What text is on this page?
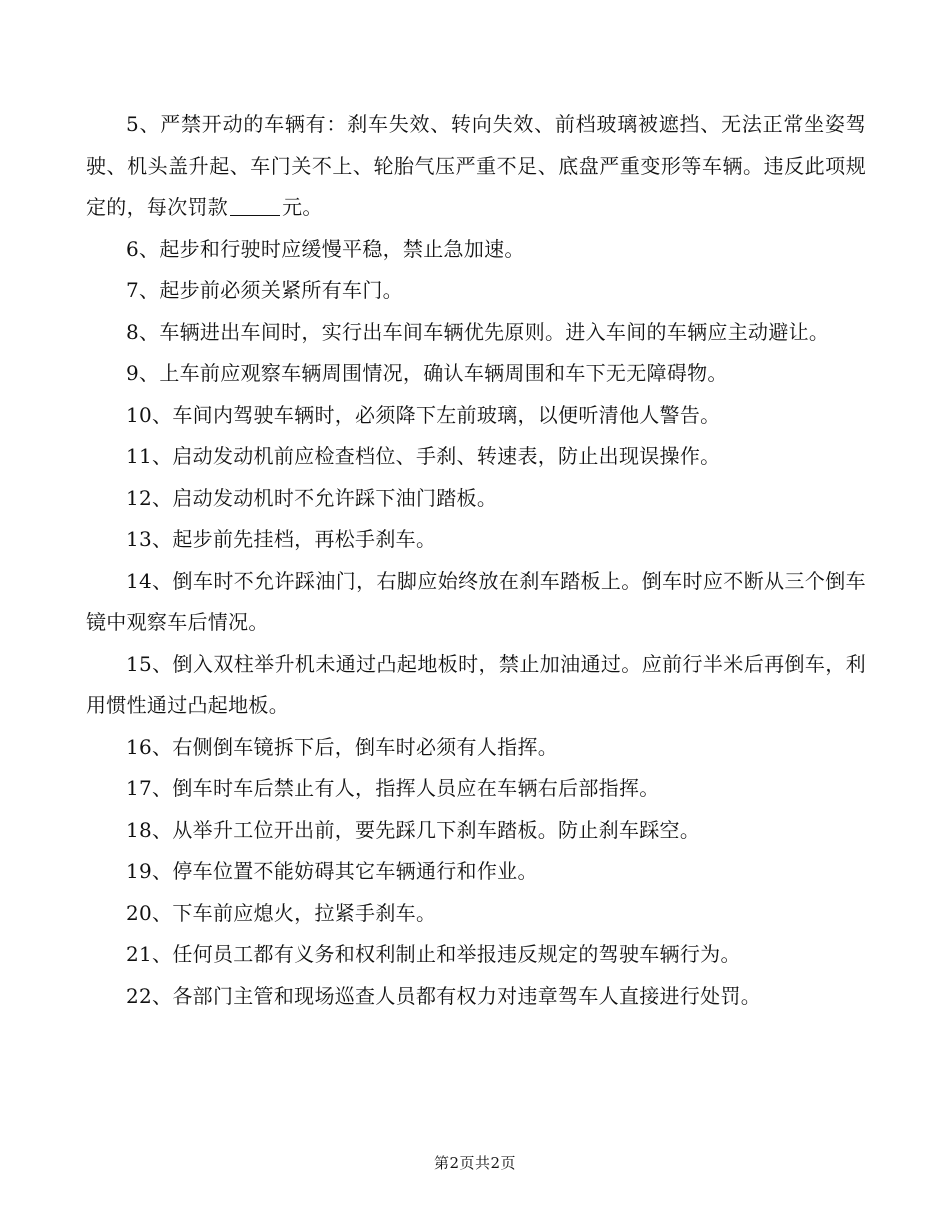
5、严禁开动的车辆有：刹车失效、转向失效、前档玻璃被遮挡、无法正常坐姿驾驶、机头盖升起、车门关不上、轮胎气压严重不足、底盘严重变形等车辆。违反此项规定的，每次罚款	元。

6、起步和行驶时应缓慢平稳，禁止急加速。

7、起步前必须关紧所有车门。

8、车辆进出车间时，实行出车间车辆优先原则。进入车间的车辆应主动避让。

9、上车前应观察车辆周围情况，确认车辆周围和车下无无障碍物。

10、车间内驾驶车辆时，必须降下左前玻璃，以便听清他人警告。

11、启动发动机前应检查档位、手刹、转速表，防止出现误操作。

12、启动发动机时不允许踩下油门踏板。

13、起步前先挂档，再松手刹车。

14、倒车时不允许踩油门，右脚应始终放在刹车踏板上。倒车时应不断从三个倒车镜中观察车后情况。

15、倒入双柱举升机未通过凸起地板时，禁止加油通过。应前行半米后再倒车，利用惯性通过凸起地板。

16、右侧倒车镜拆下后，倒车时必须有人指挥。

17、倒车时车后禁止有人，指挥人员应在车辆右后部指挥。

18、从举升工位开出前，要先踩几下刹车踏板。防止刹车踩空。

19、停车位置不能妨碍其它车辆通行和作业。

20、下车前应熄火，拉紧手刹车。

21、任何员工都有义务和权利制止和举报违反规定的驾驶车辆行为。

22、各部门主管和现场巡查人员都有权力对违章驾车人直接进行处罚。

第2页共2页
